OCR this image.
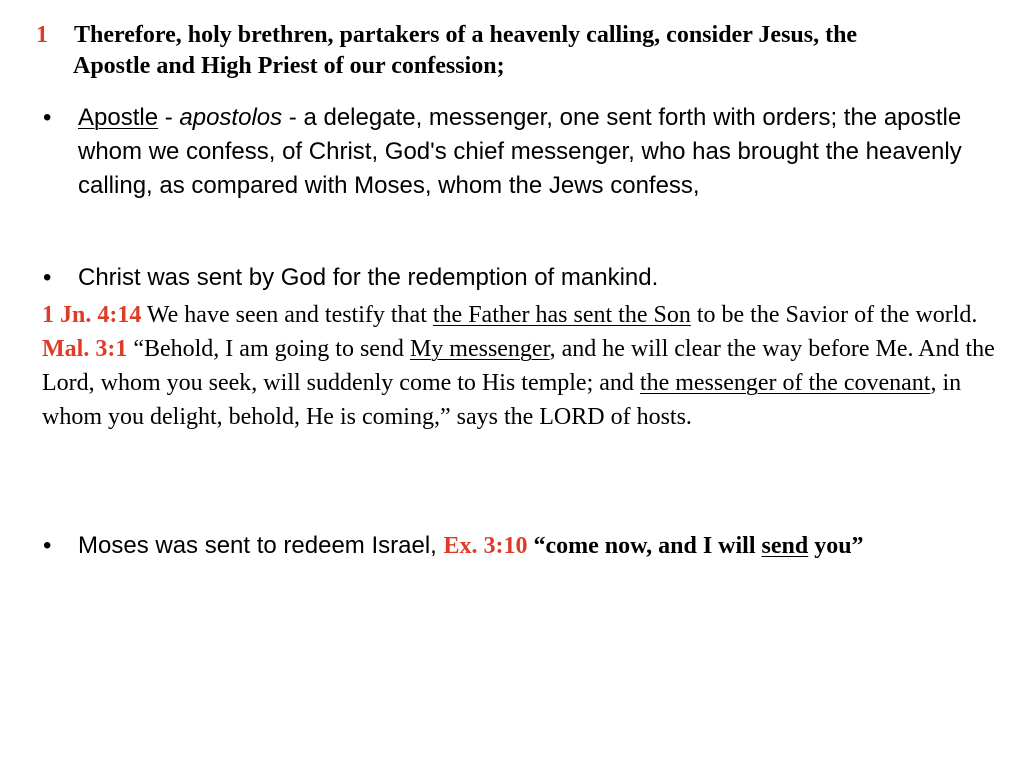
1 Therefore, holy brethren, partakers of a heavenly calling, consider Jesus, the
Apostle and High Priest of our confession;
•	Apostle - apostolos - a delegate, messenger, one sent forth with orders; the apostle whom we confess, of Christ, God's chief messenger, who has brought the heavenly calling, as compared with Moses, whom the Jews confess,
•	Christ was sent by God for the redemption of mankind.
1 Jn. 4:14 We have seen and testify that the Father has sent the Son to be the Savior of the world.
Mal. 3:1 “Behold, I am going to send My messenger, and he will clear the way before Me. And the Lord, whom you seek, will suddenly come to His temple; and the messenger of the covenant, in whom you delight, behold, He is coming,” says the LORD of hosts.
•	Moses was sent to redeem Israel, Ex. 3:10 “come now, and I will send you”
